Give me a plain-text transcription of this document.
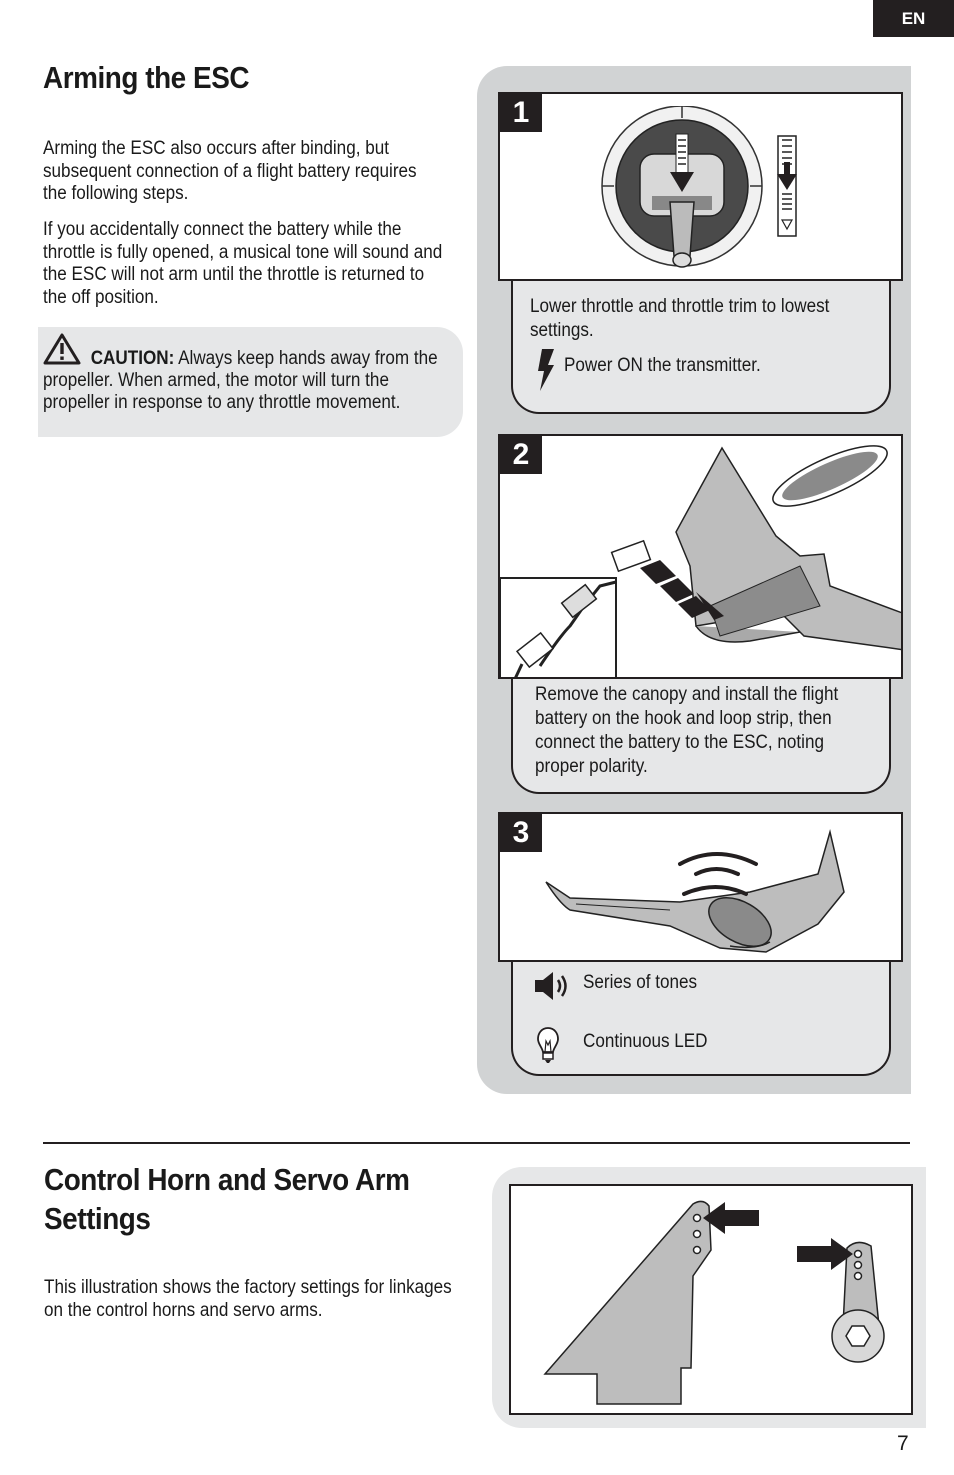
EN
Arming the ESC

Arming the ESC also occurs after binding, but subsequent connection of a flight battery requires the following steps.

If you accidentally connect the battery while the throttle is fully opened, a musical tone will sound and the ESC will not arm until the throttle is returned to the off position.

CAUTION: Always keep hands away from the propeller. When armed, the motor will turn the propeller in response to any throttle movement.

1

Lower throttle and throttle trim to lowest settings.

Power ON the transmitter.

2

Remove the canopy and install the flight battery on the hook and loop strip, then connect the battery to the ESC, noting proper polarity.

3

Series of tones

Continuous LED

Control Horn and Servo Arm Settings

This illustration shows the factory settings for linkages on the control horns and servo arms.

7
